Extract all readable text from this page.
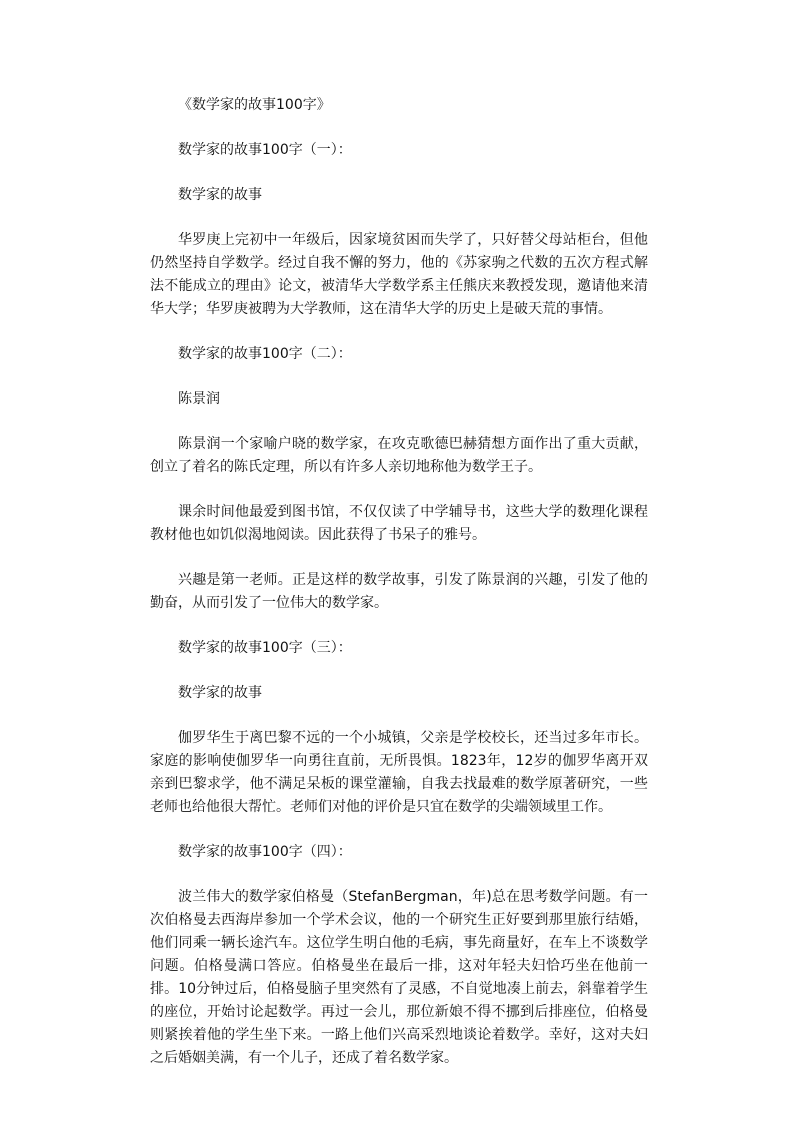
《数学家的故事100字》

数学家的故事100字（一）：

数学家的故事

华罗庚上完初中一年级后，因家境贫困而失学了，只好替父母站柜台，但他仍然坚持自学数学。经过自我不懈的努力，他的《苏家驹之代数的五次方程式解法不能成立的理由》论文，被清华大学数学系主任熊庆来教授发现，邀请他来清华大学；华罗庚被聘为大学教师，这在清华大学的历史上是破天荒的事情。

数学家的故事100字（二）：

陈景润

陈景润一个家喻户晓的数学家，在攻克歌德巴赫猜想方面作出了重大贡献，创立了着名的陈氏定理，所以有许多人亲切地称他为数学王子。

课余时间他最爱到图书馆，不仅仅读了中学辅导书，这些大学的数理化课程教材他也如饥似渴地阅读。因此获得了书呆子的雅号。

兴趣是第一老师。正是这样的数学故事，引发了陈景润的兴趣，引发了他的勤奋，从而引发了一位伟大的数学家。

数学家的故事100字（三）：

数学家的故事

伽罗华生于离巴黎不远的一个小城镇，父亲是学校校长，还当过多年市长。家庭的影响使伽罗华一向勇往直前，无所畏惧。1823年，12岁的伽罗华离开双亲到巴黎求学，他不满足呆板的课堂灌输，自我去找最难的数学原著研究，一些老师也给他很大帮忙。老师们对他的评价是只宜在数学的尖端领域里工作。

数学家的故事100字（四）：

波兰伟大的数学家伯格曼（StefanBergman，年)总在思考数学问题。有一次伯格曼去西海岸参加一个学术会议，他的一个研究生正好要到那里旅行结婚，他们同乘一辆长途汽车。这位学生明白他的毛病，事先商量好，在车上不谈数学问题。伯格曼满口答应。伯格曼坐在最后一排，这对年轻夫妇恰巧坐在他前一排。10分钟过后，伯格曼脑子里突然有了灵感，不自觉地凑上前去，斜靠着学生的座位，开始讨论起数学。再过一会儿，那位新娘不得不挪到后排座位，伯格曼则紧挨着他的学生坐下来。一路上他们兴高采烈地谈论着数学。幸好，这对夫妇之后婚姻美满，有一个儿子，还成了着名数学家。
